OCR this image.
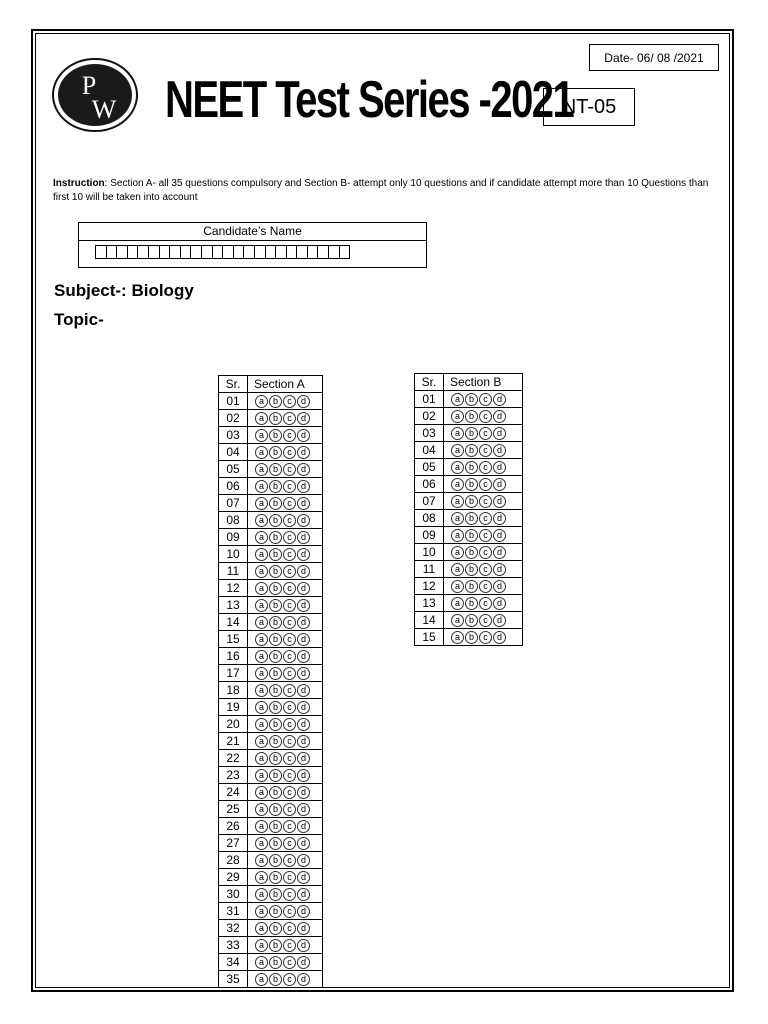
Date- 06/ 08 /2021
P
W NEET Test Series -2021
NT-05
Instruction: Section A- all 35 questions compulsory and Section B- attempt only 10 questions and if candidate attempt more than 10 Questions than first 10 will be taken into account
Candidate’s Name
Subject-: Biology
Topic-
Sr.	Section A
01	a b c d

02	a b c d

03	a b c d

04	a b c d

05	a b c d

06	a b c d

07	a b c d

08	a b c d

09	a b c d

10	a b c d

11	a b c d

12	a b c d

13	a b c d

14	a b c d

15	a b c d

16	a b c d

17	a b c d

18	a b c d

19	a b c d

20	a b c d

21	a b c d

22	a b c d

23	a b c d

24	a b c d

25	a b c d

26	a b c d

27	a b c d

28	a b c d

29	a b c d

30	a b c d

31	a b c d

32	a b c d

33	a b c d

34	a b c d

35	a b c d
Sr.	Section B
01	a b c d

02	a b c d

03	a b c d

04	a b c d

05	a b c d

06	a b c d

07	a b c d

08	a b c d

09	a b c d

10	a b c d

11	a b c d

12	a b c d

13	a b c d

14	a b c d

15	a b c d
